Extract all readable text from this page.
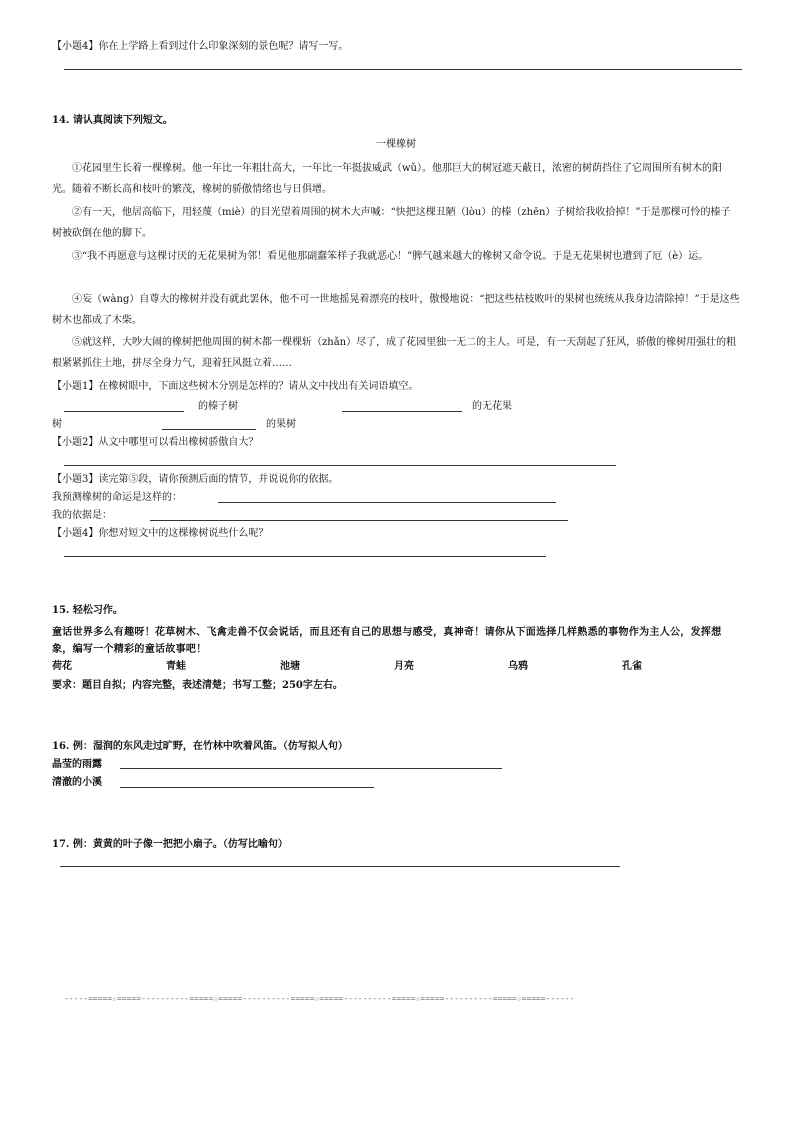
【小题4】你在上学路上看到过什么印象深刻的景色呢？请写一写。
14. 请认真阅读下列短文。
一棵橡树
①花园里生长着一棵橡树。他一年比一年粗壮高大，一年比一年挺拔威武（wǔ）。他那巨大的树冠遮天蔽日，浓密的树荫挡住了它周围所有树木的阳光。随着不断长高和枝叶的繁茂，橡树的骄傲情绪也与日俱增。
②有一天，他居高临下，用轻蔑（miè）的目光望着周围的树木大声喊：“快把这棵丑陋（lòu）的榛（zhēn）子树给我收拾掉！”于是那棵可怜的榛子树被砍倒在他的脚下。
③“我不再愿意与这棵讨厌的无花果树为邻！看见他那副蠢笨样子我就恶心！”脾气越来越大的橡树又命令说。于是无花果树也遭到了厄（è）运。
④妄（wàng）自尊大的橡树并没有就此罢休，他不可一世地摇晃着漂亮的枝叶，傲慢地说：“把这些枯枝败叶的果树也统统从我身边清除掉！”于是这些树木也都成了木柴。
⑤就这样，大吵大闹的橡树把他周围的树木都一棵棵斩（zhǎn）尽了，成了花园里独一无二的主人。可是，有一天刮起了狂风，骄傲的橡树用强壮的粗根紧紧抓住土地，拼尽全身力气，迎着狂风挺立着……
【小题1】在橡树眼中，下面这些树木分别是怎样的？请从文中找出有关词语填空。
的榛子树	的无花果
树	的果树
【小题2】从文中哪里可以看出橡树骄傲自大？
【小题3】读完第⑤段，请你预测后面的情节，并说说你的依据。
我预测橡树的命运是这样的：
我的依据是：
【小题4】你想对短文中的这棵橡树说些什么呢？
15. 轻松习作。
童话世界多么有趣呀！花草树木、飞禽走兽不仅会说话，而且还有自己的思想与感受，真神奇！请你从下面选择几样熟悉的事物作为主人公，发挥想象，编写一个精彩的童话故事吧！
荷花	青蛙	池塘	月亮	乌鸦	孔雀
要求：题目自拟；内容完整，表述清楚；书写工整；250字左右。
16. 例：湿润的东风走过旷野，在竹林中吹着风笛。（仿写拟人句）
晶莹的雨露
清澈的小溪
17. 例：黄黄的叶子像一把把小扇子。（仿写比喻句）
-----=====☆=====----------=====☆=====----------=====☆=====----------=====☆=====----------=====☆=====------
